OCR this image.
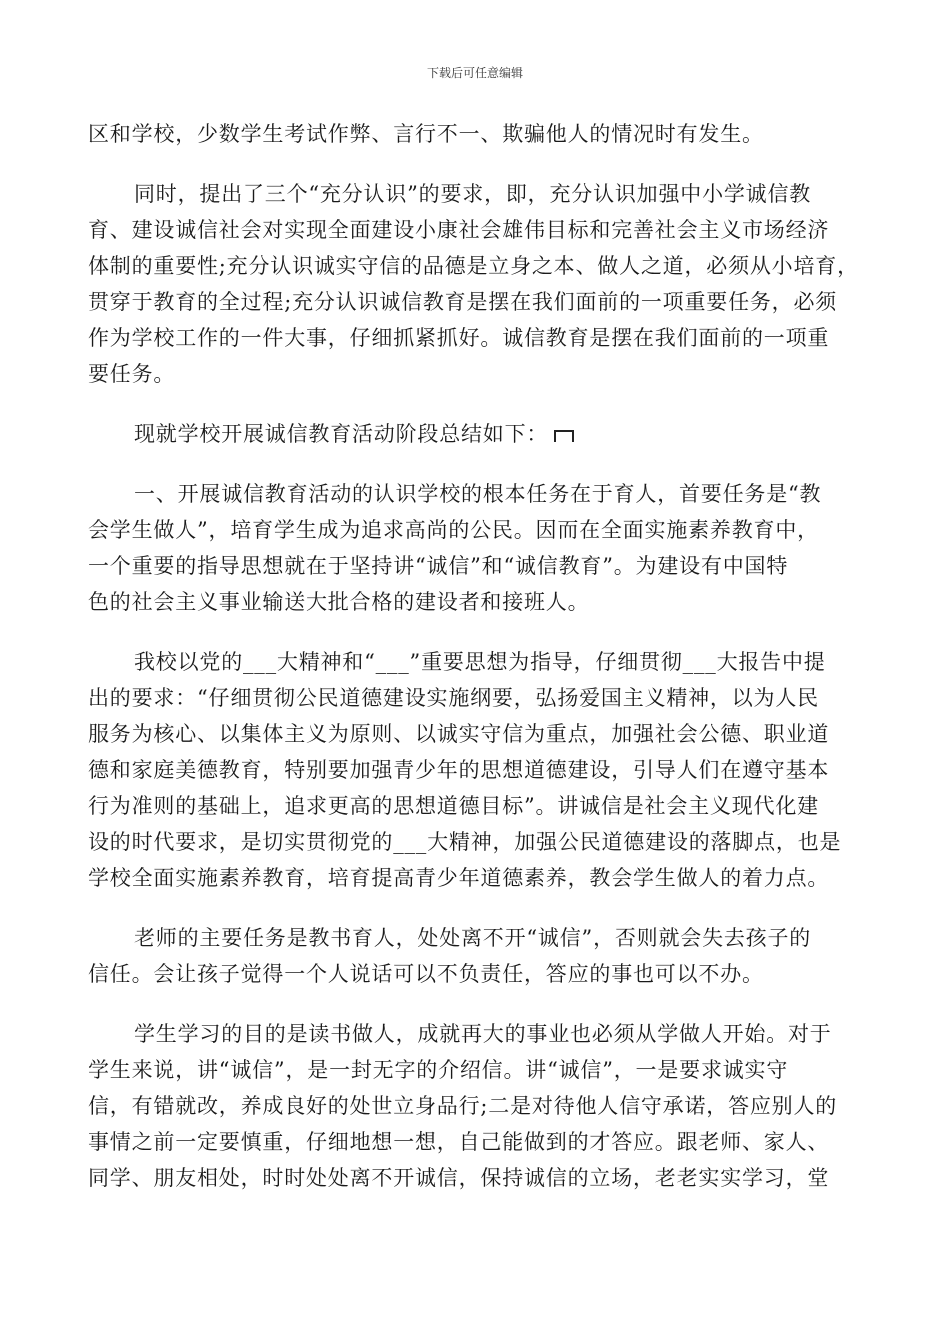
下载后可任意编辑
区和学校，少数学生考试作弊、言行不一、欺骗他人的情况时有发生。
同时，提出了三个“充分认识”的要求，即，充分认识加强中小学诚信教
育、建设诚信社会对实现全面建设小康社会雄伟目标和完善社会主义市场经济
体制的重要性;充分认识诚实守信的品德是立身之本、做人之道，必须从小培育，
贯穿于教育的全过程;充分认识诚信教育是摆在我们面前的一项重要任务，必须
作为学校工作的一件大事，仔细抓紧抓好。诚信教育是摆在我们面前的一项重
要任务。
现就学校开展诚信教育活动阶段总结如下：
一、开展诚信教育活动的认识学校的根本任务在于育人，首要任务是“教
会学生做人”，培育学生成为追求高尚的公民。因而在全面实施素养教育中，
一个重要的指导思想就在于坚持讲“诚信”和“诚信教育”。为建设有中国特
色的社会主义事业输送大批合格的建设者和接班人。
我校以党的___大精神和“___”重要思想为指导，仔细贯彻___大报告中提
出的要求：“仔细贯彻公民道德建设实施纲要，弘扬爱国主义精神，以为人民
服务为核心、以集体主义为原则、以诚实守信为重点，加强社会公德、职业道
德和家庭美德教育，特别要加强青少年的思想道德建设，引导人们在遵守基本
行为准则的基础上，追求更高的思想道德目标”。讲诚信是社会主义现代化建
设的时代要求，是切实贯彻党的___大精神，加强公民道德建设的落脚点，也是
学校全面实施素养教育，培育提高青少年道德素养，教会学生做人的着力点。
老师的主要任务是教书育人，处处离不开“诚信”，否则就会失去孩子的
信任。会让孩子觉得一个人说话可以不负责任，答应的事也可以不办。
学生学习的目的是读书做人，成就再大的事业也必须从学做人开始。对于
学生来说，讲“诚信”，是一封无字的介绍信。讲“诚信”，一是要求诚实守
信，有错就改，养成良好的处世立身品行;二是对待他人信守承诺，答应别人的
事情之前一定要慎重，仔细地想一想，自己能做到的才答应。跟老师、家人、
同学、朋友相处，时时处处离不开诚信，保持诚信的立场，老老实实学习，堂
